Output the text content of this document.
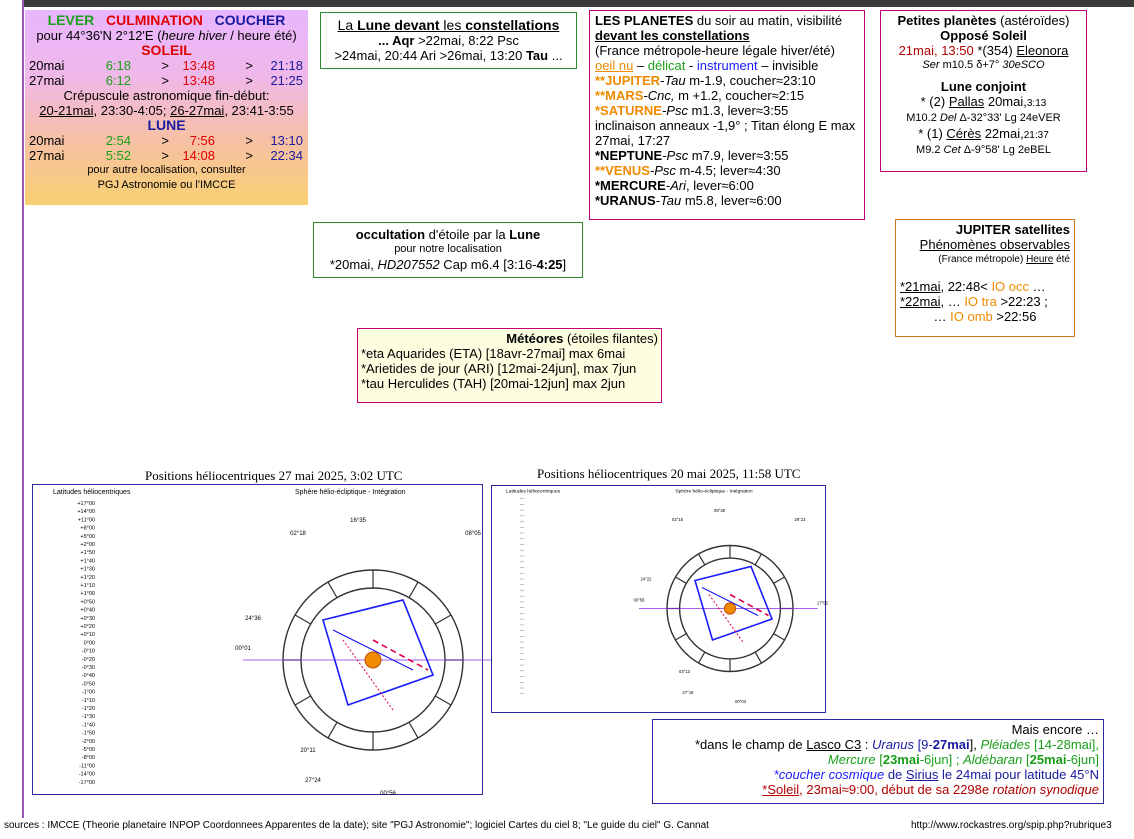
LEVER CULMINATION COUCHER
pour 44°36'N 2°12'E (heure hiver / heure été)
SOLEIL
20mai	6:18	>	13:48	>	21:18
27mai	6:12	>	13:48	>	21:25
Crépuscule astronomique fin-début:
20-21mai, 23:30-4:05; 26-27mai, 23:41-3:55
LUNE
20mai	2:54	>	7:56	>	13:10
27mai	5:52	>	14:08	>	22:34
pour autre localisation, consulter
PGJ Astronomie ou l'IMCCE
La Lune devant les constellations
... Aqr >22mai, 8:22 Psc
>24mai, 20:44 Ari >26mai, 13:20 Tau ...
LES PLANETES du soir au matin, visibilité
devant les constellations
(France métropole-heure légale hiver/été)
oeil nu – délicat - instrument – invisible
**JUPITER-Tau m-1.9, coucher≈23:10
**MARS-Cnc, m +1.2, coucher≈2:15
*SATURNE-Psc m1.3, lever≈3:55
inclinaison anneaux -1,9° ; Titan élong E max 27mai, 17:27
*NEPTUNE-Psc m7.9, lever≈3:55
**VENUS-Psc m-4.5; lever≈4:30
*MERCURE-Ari, lever≈6:00
*URANUS-Tau m5.8, lever≈6:00
Petites planètes (astéroïdes)
Opposé Soleil
21mai, 13:50 *(354) Eleonora
Ser m10.5 δ+7° 30eSCO
Lune conjoint
* (2) Pallas 20mai,3:13
M10.2 Del Δ-32°33' Lg 24eVER
* (1) Cérès 22mai,21:37
M9.2 Cet Δ-9°58' Lg 2eBEL
occultation d'étoile par la Lune
pour notre localisation
*20mai, HD207552 Cap m6.4 [3:16-4:25]
JUPITER satellites
Phénomènes observables
(France métropole) Heure été
*21mai, 22:48< IO occ …
*22mai, … IO tra >22:23 ;
… IO omb >22:56
Météores (étoiles filantes)
*eta Aquarides (ETA) [18avr-27mai] max 6mai
*Arietides de jour (ARI) [12mai-24jun], max 7jun
*tau Herculides (TAH) [20mai-12jun] max 2jun
Positions héliocentriques 27 mai 2025, 3:02 UTC
Latitudes héliocentriques	Sphère hélio-écliptique - Intégration
+17°00
+14°00
+11°00
+8°00
+5°00
+2°00
+1°50
+1°40
+1°30
+1°20
+1°10
+1°00
+0°50
+0°40
+0°30
+0°20
+0°10
0°00
-0°10
-0°20
-0°30
-0°40
-0°50
-1°00
-1°10
-1°20
-1°30
-1°40
-1°50
-2°00
-5°00
-8°00
-11°00
-14°00
-17°00
02°18
16°35
08°05
24°36
00°01
20°11
27°24
00°56
Positions héliocentriques 20 mai 2025, 11:58 UTC
Latitudes héliocentriques	Sphère hélio-écliptique - Intégration
02°18
08°36
29°23
24°22
00°56
17°55
03°13
27°16
00°03
Mais encore …
*dans le champ de Lasco C3 : Uranus [9-27mai], Pléiades [14-28mai],
Mercure [23mai-6jun] ; Aldébaran [25mai-6jun]
*coucher cosmique de Sirius le 24mai pour latitude 45°N
*Soleil, 23mai≈9:00, début de sa 2298e rotation synodique
sources : IMCCE (Theorie planetaire INPOP Coordonnees Apparentes de la date); site "PGJ Astronomie"; logiciel Cartes du ciel 8; "Le guide du ciel" G. Cannat	http://www.rockastres.org/spip.php?rubrique3
